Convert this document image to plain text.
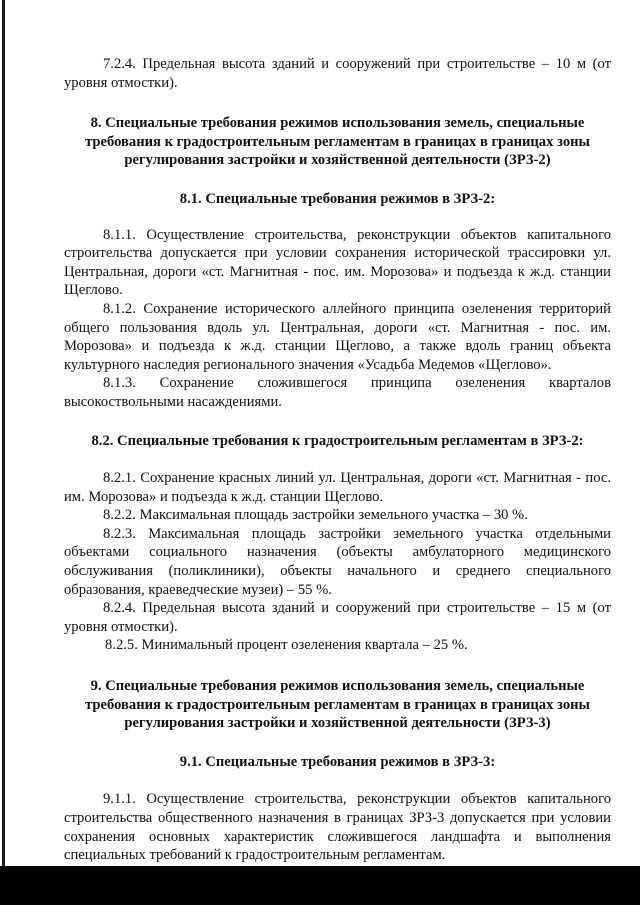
7.2.4. Предельная высота зданий и сооружений при строительстве – 10 м (от уровня отмостки).

8. Специальные требования режимов использования земель, специальные требования к градостроительным регламентам в границах в границах зоны регулирования застройки и хозяйственной деятельности (ЗРЗ-2)

8.1. Специальные требования режимов в ЗРЗ-2:

8.1.1. Осуществление строительства, реконструкции объектов капитального строительства допускается при условии сохранения исторической трассировки ул. Центральная, дороги «ст. Магнитная - пос. им. Морозова» и подъезда к ж.д. станции Щеглово.

8.1.2. Сохранение исторического аллейного принципа озеленения территорий общего пользования вдоль ул. Центральная, дороги «ст. Магнитная - пос. им. Морозова» и подъезда к ж.д. станции Щеглово, а также вдоль границ объекта культурного наследия регионального значения «Усадьба Медемов «Щеглово».

8.1.3. Сохранение сложившегося принципа озеленения кварталов высокоствольными насаждениями.

8.2. Специальные требования к градостроительным регламентам в ЗРЗ-2:

8.2.1. Сохранение красных линий ул. Центральная, дороги «ст. Магнитная - пос. им. Морозова» и подъезда к ж.д. станции Щеглово.

8.2.2. Максимальная площадь застройки земельного участка – 30 %.

8.2.3. Максимальная площадь застройки земельного участка отдельными объектами социального назначения (объекты амбулаторного медицинского обслуживания (поликлиники), объекты начального и среднего специального образования, краеведческие музеи) – 55 %.

8.2.4. Предельная высота зданий и сооружений при строительстве – 15 м (от уровня отмостки).

8.2.5. Минимальный процент озеленения квартала – 25 %.

9. Специальные требования режимов использования земель, специальные требования к градостроительным регламентам в границах в границах зоны регулирования застройки и хозяйственной деятельности (ЗРЗ-3)

9.1. Специальные требования режимов в ЗРЗ-3:

9.1.1. Осуществление строительства, реконструкции объектов капитального строительства общественного назначения в границах ЗРЗ-3 допускается при условии сохранения основных характеристик сложившегося ландшафта и выполнения специальных требований к градостроительным регламентам.
